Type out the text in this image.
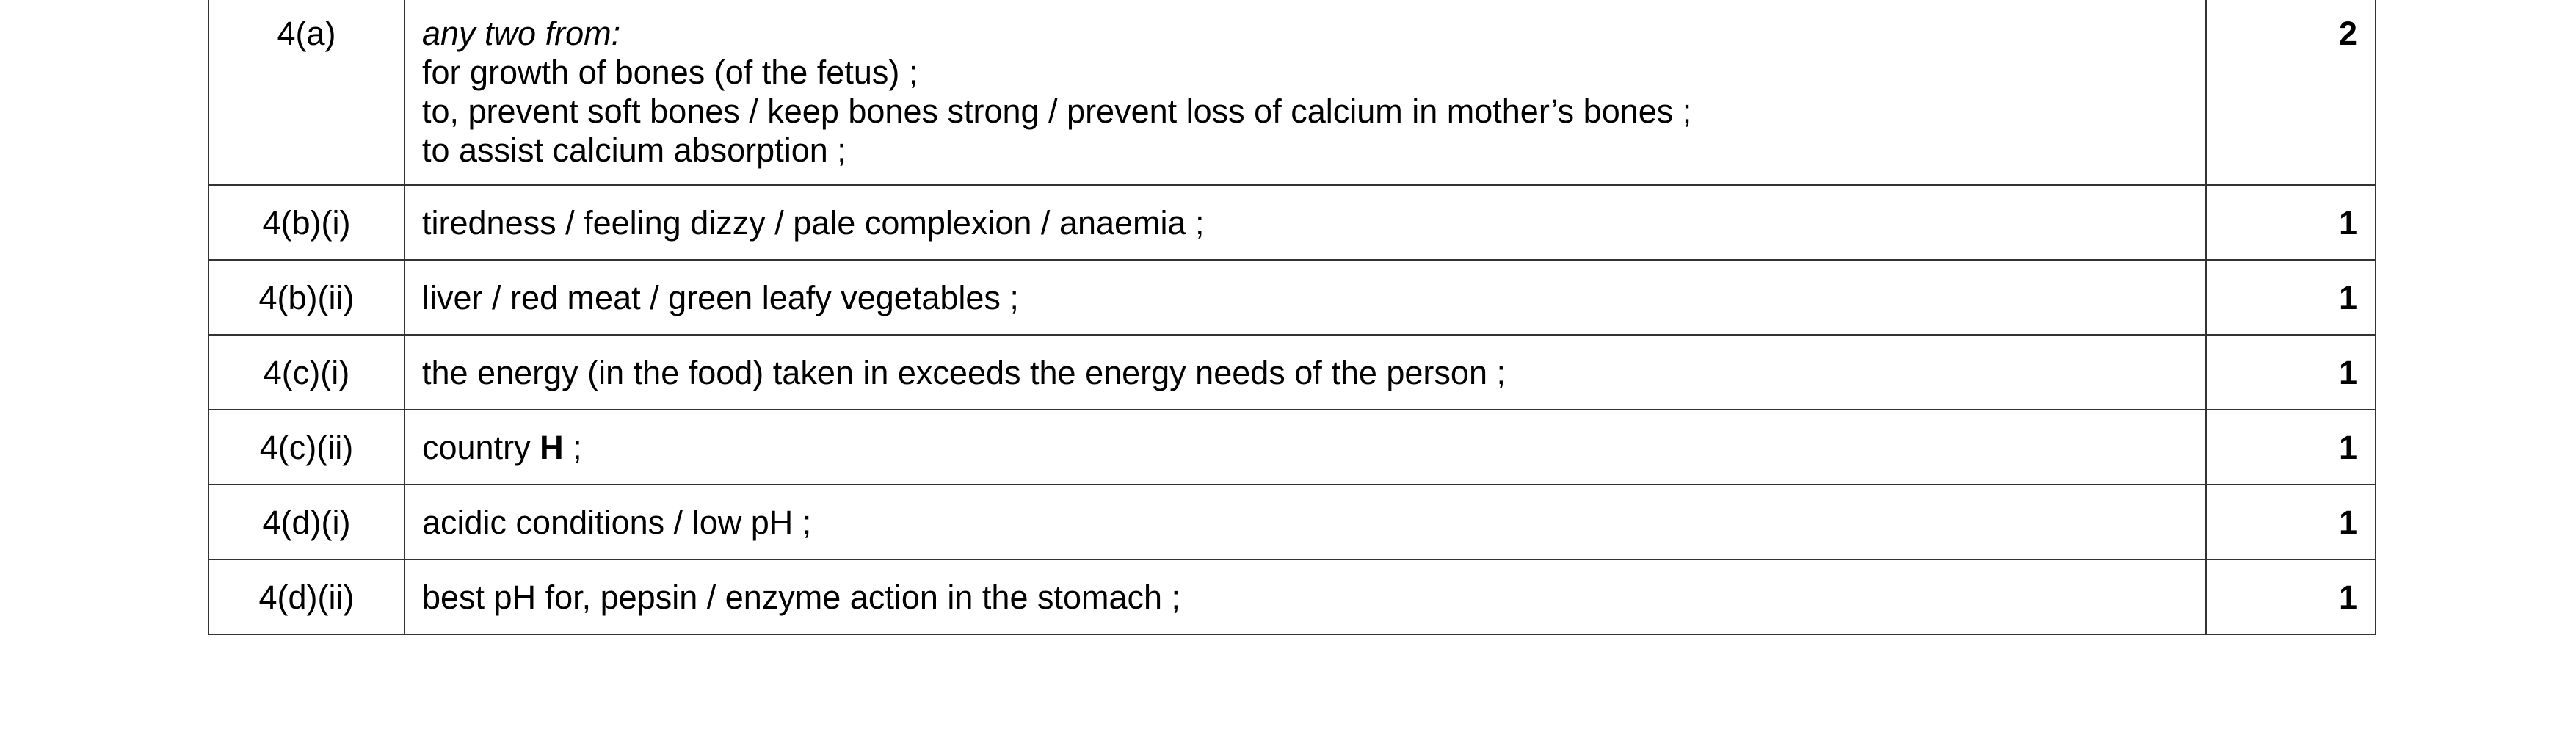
4(a)	any two from:
for growth of bones (of the fetus) ;
to, prevent soft bones / keep bones strong / prevent loss of calcium in mother’s bones ;
to assist calcium absorption ;	2
4(b)(i)	tiredness / feeling dizzy / pale complexion / anaemia ;	1
4(b)(ii)	liver / red meat / green leafy vegetables ;	1
4(c)(i)	the energy (in the food) taken in exceeds the energy needs of the person ;	1
4(c)(ii)	country H ;	1
4(d)(i)	acidic conditions / low pH ;	1
4(d)(ii)	best pH for, pepsin / enzyme action in the stomach ;	1
